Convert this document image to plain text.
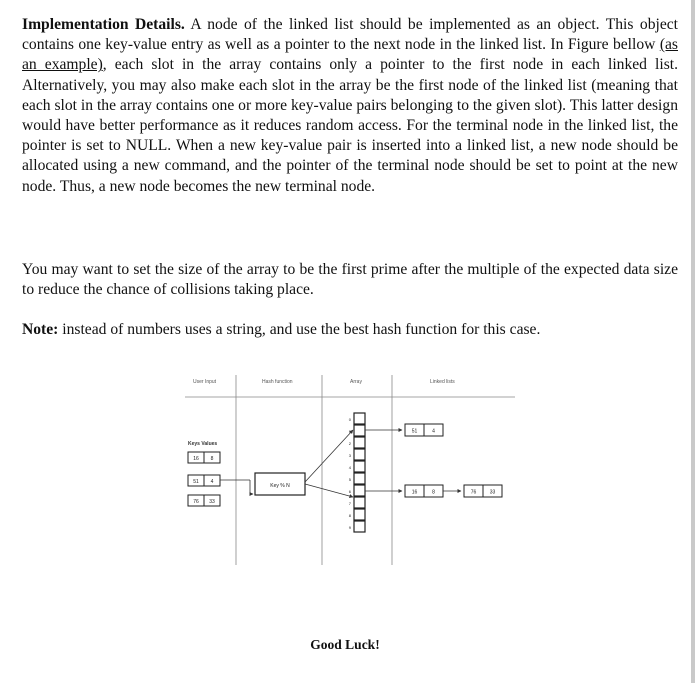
Implementation Details. A node of the linked list should be implemented as an object. This object contains one key-value entry as well as a pointer to the next node in the linked list. In Figure bellow (as an example), each slot in the array contains only a pointer to the first node in each linked list. Alternatively, you may also make each slot in the array be the first node of the linked list (meaning that each slot in the array contains one or more key-value pairs belonging to the given slot). This latter design would have better performance as it reduces random access. For the terminal node in the linked list, the pointer is set to NULL. When a new key-value pair is inserted into a linked list, a new node should be allocated using a new command, and the pointer of the terminal node should be set to point at the new node. Thus, a new node becomes the new terminal node.

You may want to set the size of the array to be the first prime after the multiple of the expected data size to reduce the chance of collisions taking place.

Note: instead of numbers uses a string, and use the best hash function for this case.

User Input	Hash function	Array	Linked lists
Keys Values
16 8
51 4
76 33
Key % N
0
1
2
3
4
5
6
7
8
9
51	4
16	8	76	33
Good Luck!
